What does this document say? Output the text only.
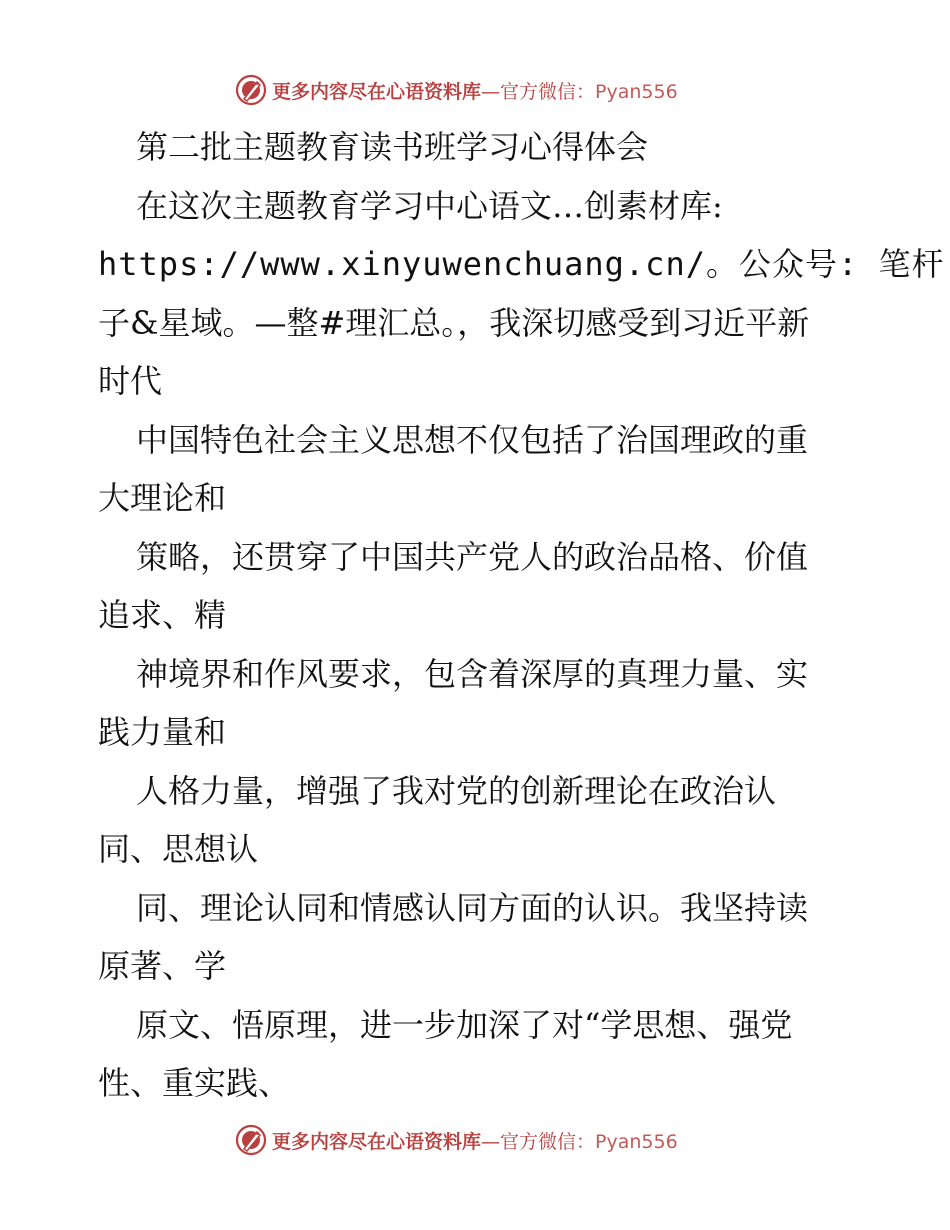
更多内容尽在心语资料库—官方微信：Pyan556
第二批主题教育读书班学习心得体会
在这次主题教育学习中心语文…创素材库:
https://www.xinyuwenchuang.cn/。公众号: 笔杆
子&星域。—整#理汇总。，我深切感受到习近平新
时代
中国特色社会主义思想不仅包括了治国理政的重
大理论和
策略，还贯穿了中国共产党人的政治品格、价值
追求、精
神境界和作风要求，包含着深厚的真理力量、实
践力量和
人格力量，增强了我对党的创新理论在政治认
同、思想认
同、理论认同和情感认同方面的认识。我坚持读
原著、学
原文、悟原理，进一步加深了对“学思想、强党
性、重实践、
更多内容尽在心语资料库—官方微信：Pyan556
